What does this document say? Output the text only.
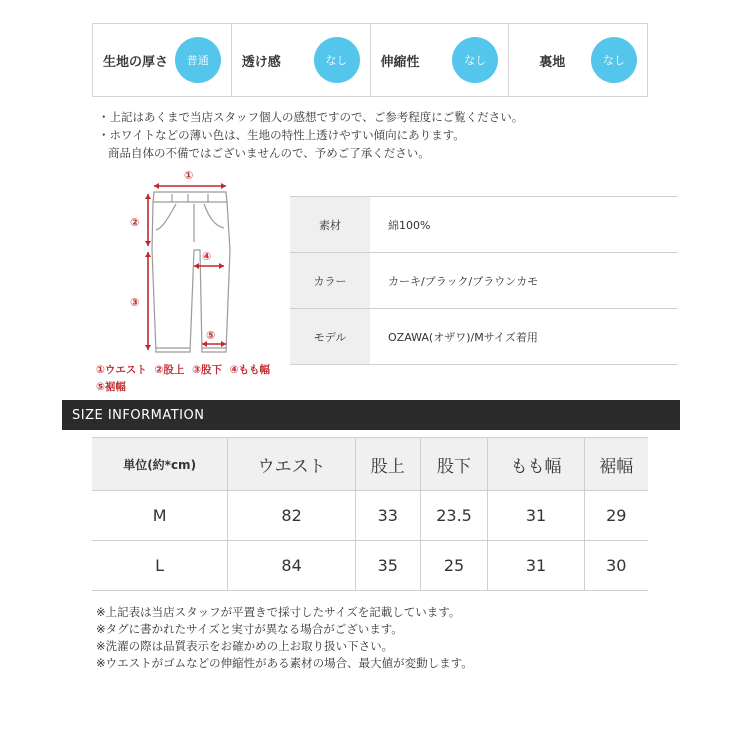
生地の厚さ	普通	透け感	なし	伸縮性	なし	裏地	なし
・上記はあくまで当店スタッフ個人の感想ですので、ご参考程度にご覧ください。
・ホワイトなどの薄い色は、生地の特性上透けやすい傾向にあります。
商品自体の不備ではございませんので、予めご了承ください。
①
②
③
④
⑤
①ウエスト ②股上 ③股下 ④もも幅
⑤裾幅
素材	綿100%
カラー	カーキ/ブラック/ブラウンカモ
モデル	OZAWA(オザワ)/Mサイズ着用
SIZE INFORMATION
単位(約*cm)	ウエスト	股上	股下	もも幅	裾幅
M	82	33	23.5	31	29
L	84	35	25	31	30
※上記表は当店スタッフが平置きで採寸したサイズを記載しています。
※タグに書かれたサイズと実寸が異なる場合がございます。
※洗濯の際は品質表示をお確かめの上お取り扱い下さい。
※ウエストがゴムなどの伸縮性がある素材の場合、最大値が変動します。
